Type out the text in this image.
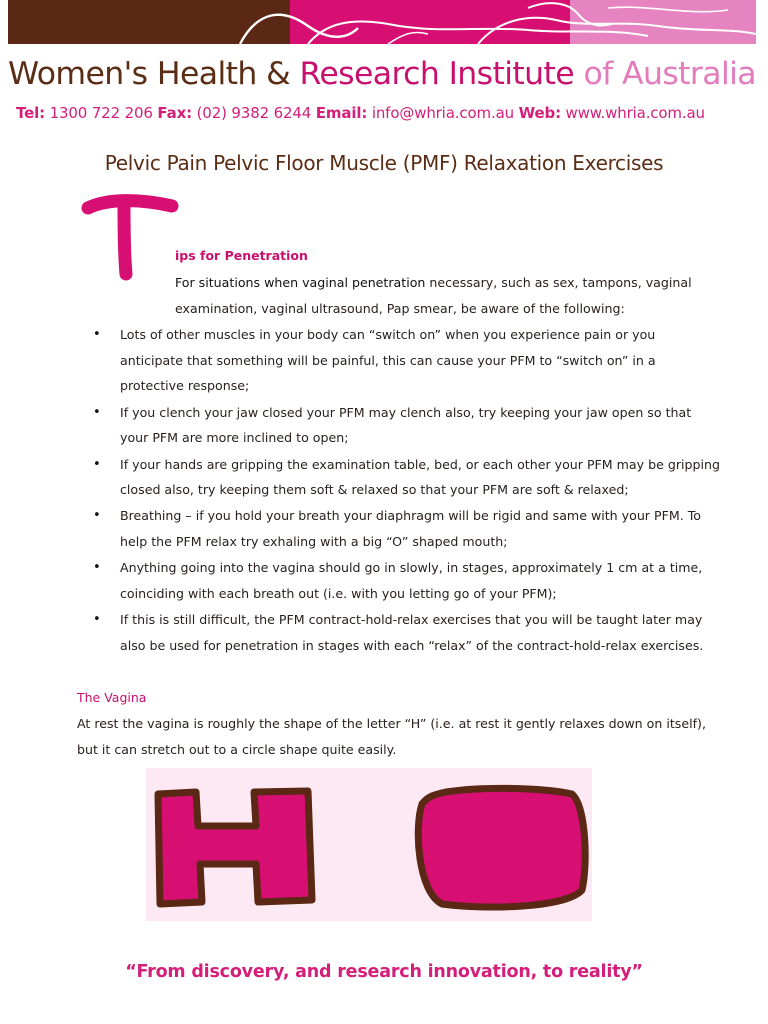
Women's Health & Research Institute of Australia
Tel: 1300 722 206 Fax: (02) 9382 6244 Email: info@whria.com.au Web: www.whria.com.au
Pelvic Pain Pelvic Floor Muscle (PMF) Relaxation Exercises
ips for Penetration
For situations when vaginal penetration necessary, such as sex, tampons, vaginal examination, vaginal ultrasound, Pap smear, be aware of the following:
• Lots of other muscles in your body can “switch on” when you experience pain or you anticipate that something will be painful, this can cause your PFM to “switch on” in a protective response;
• If you clench your jaw closed your PFM may clench also, try keeping your jaw open so that your PFM are more inclined to open;
• If your hands are gripping the examination table, bed, or each other your PFM may be gripping closed also, try keeping them soft & relaxed so that your PFM are soft & relaxed;
• Breathing – if you hold your breath your diaphragm will be rigid and same with your PFM. To help the PFM relax try exhaling with a big “O” shaped mouth;
• Anything going into the vagina should go in slowly, in stages, approximately 1 cm at a time, coinciding with each breath out (i.e. with you letting go of your PFM);
• If this is still difficult, the PFM contract-hold-relax exercises that you will be taught later may also be used for penetration in stages with each “relax” of the contract-hold-relax exercises.
The Vagina
At rest the vagina is roughly the shape of the letter “H” (i.e. at rest it gently relaxes down on itself), but it can stretch out to a circle shape quite easily.
“From discovery, and research innovation, to reality”
